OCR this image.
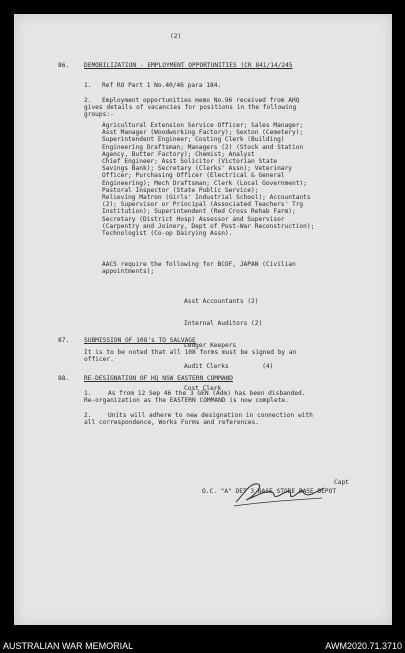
(2)
86. DEMOBILIZATION - EMPLOYMENT OPPORTUNITIES (CR 841/14/245
1. Ref RO Part 1 No.40/46 para 184.
2.	Employment opportunities memo No.96 received from AHQ
gives details of vacancies for positions in the following
groups:-
Agricultural Extension Service Officer; Sales Manager;
Asst Manager (Woodworking Factory); Sexton (Cemetery);
Superintendent Engineer; Costing Clerk (Building)
Engineering Draftsman; Managers (2) (Stock and Station
Agency, Butter Factory); Chemist; Analyst
Chief Engineer; Asst Solicitor (Victorian State
Savings Bank); Secretary (Clerks' Assn); Veterinary
Officer; Purchasing Officer (Electrical & General
Engineering); Mech Draftsman; Clerk (Local Government);
Pastoral Inspector (State Public Service);
Relieving Matron (Girls' Industrial School); Accountants
(2); Supervisor or Principal (Associated Teachers' Trg
Institution); Superintendent (Red Cross Rehab Farm);
Secretary (District Hosp) Assessor and Supervisor
(Carpentry and Joinery, Dept of Post-War Reconstruction);
Technologist (Co-op Dairying Assn).
AACS require the following for BCOF, JAPAN (Civilian
appointments);

Asst Accountants (2)

Internal Auditors (2)

Ledger Keepers

Audit Clerks         (4)

Cost Clerk

87. SUBMISSION OF 108's TO SALVAGE
It is to be noted that all 108 forms must be signed by an
officer.
88. RE-DESIGNATION OF HQ NSW EASTERN COMMAND
1.	As from 12 Sep 46 the 3 GEN (Adm) has been disbanded.
Re-organization as the EASTERN COMMAND is now complete.
2.	Units will adhere to new designation in connection with
all correspondence, Works Forms and references.
Capt
O.C. "A" DET 3 BASE STORE BASE DEPOT
AUSTRALIAN WAR MEMORIAL	AWM2020.71.3710
